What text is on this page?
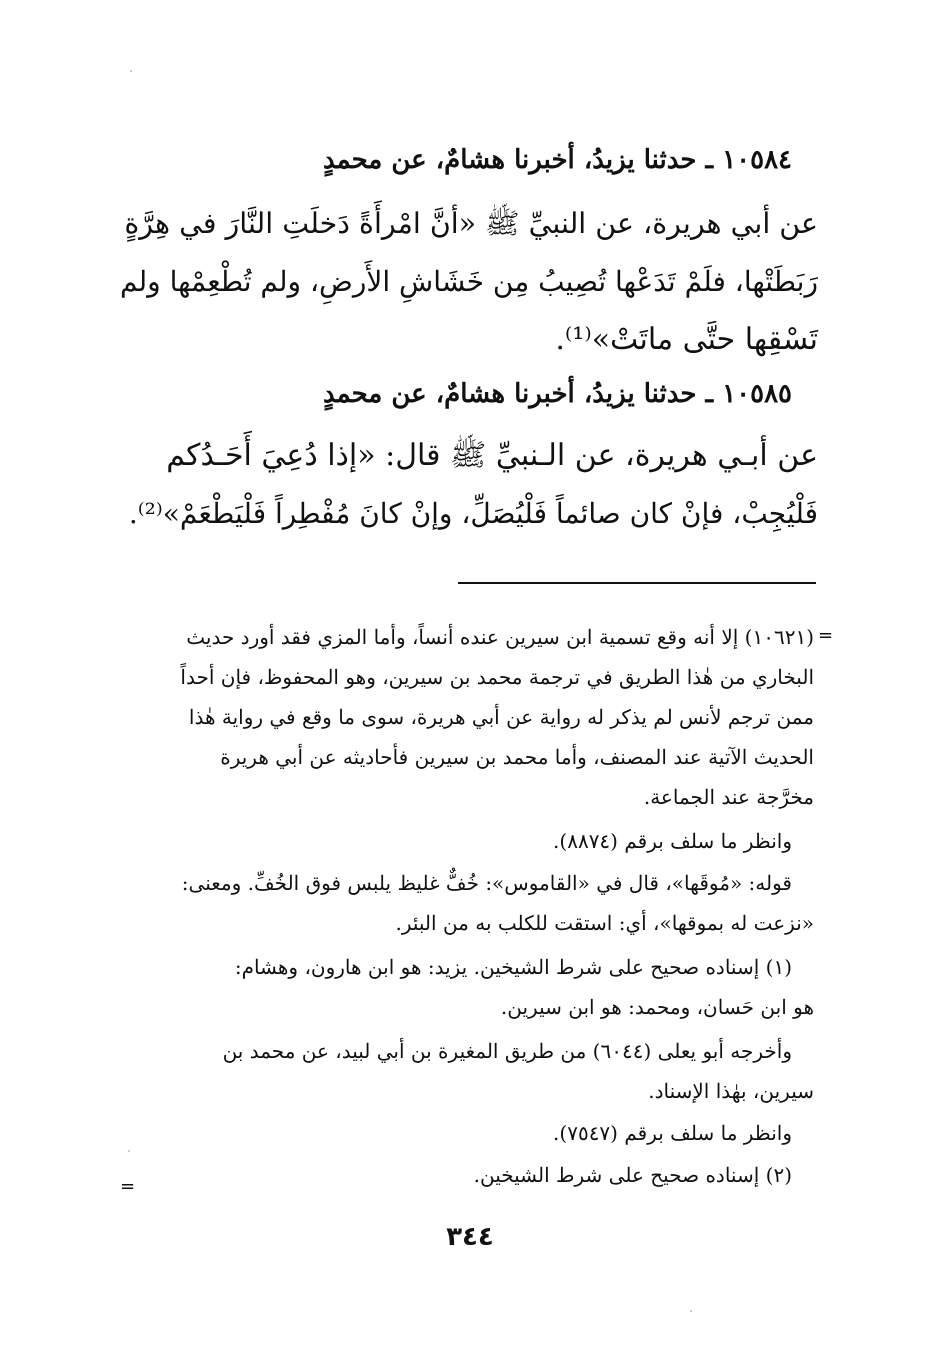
١٠٥٨٤ ـ حدثنا يزيدُ، أخبرنا هشامٌ، عن محمدٍ
عن أبي هريرة، عن النبيِّ ﷺ «أنَّ امْرأَةً دَخلَتِ النَّارَ في هِرَّةٍ
رَبَطَتْها، فلَمْ تَدَعْها تُصِيبُ مِن خَشَاشِ الأَرضِ، ولم تُطْعِمْها ولم
تَسْقِها حتَّى ماتَتْ»⁽¹⁾.
١٠٥٨٥ ـ حدثنا يزيدُ، أخبرنا هشامٌ، عن محمدٍ
عن أبـي هريرة، عن الـنبيِّ ﷺ قال: «إذا دُعِيَ أَحَـدُكم
فَلْيُجِبْ، فإنْ كان صائماً فَلْيُصَلِّ، وإنْ كانَ مُفْطِراً فَلْيَطْعَمْ»⁽²⁾.
=
(١٠٦٢١) إلا أنه وقع تسمية ابن سيرين عنده أنساً، وأما المزي فقد أورد حديث
البخاري من هٰذا الطريق في ترجمة محمد بن سيرين، وهو المحفوظ، فإن أحداً
ممن ترجم لأنس لم يذكر له رواية عن أبي هريرة، سوى ما وقع في رواية هٰذا
الحديث الآتية عند المصنف، وأما محمد بن سيرين فأحاديثه عن أبي هريرة
مخرَّجة عند الجماعة.
وانظر ما سلف برقم (٨٨٧٤).
قوله: «مُوقَها»، قال في «القاموس»: خُفٌّ غليظ يلبس فوق الخُفِّ. ومعنى:
«نزعت له بموقها»، أي: استقت للكلب به من البئر.
(١) إسناده صحيح على شرط الشيخين. يزيد: هو ابن هارون، وهشام:
هو ابن حَسان، ومحمد: هو ابن سيرين.
وأخرجه أبو يعلى (٦٠٤٤) من طريق المغيرة بن أبي لبيد، عن محمد بن
سيرين، بهٰذا الإسناد.
وانظر ما سلف برقم (٧٥٤٧).
(٢) إسناده صحيح على شرط الشيخين.
=
٣٤٤
